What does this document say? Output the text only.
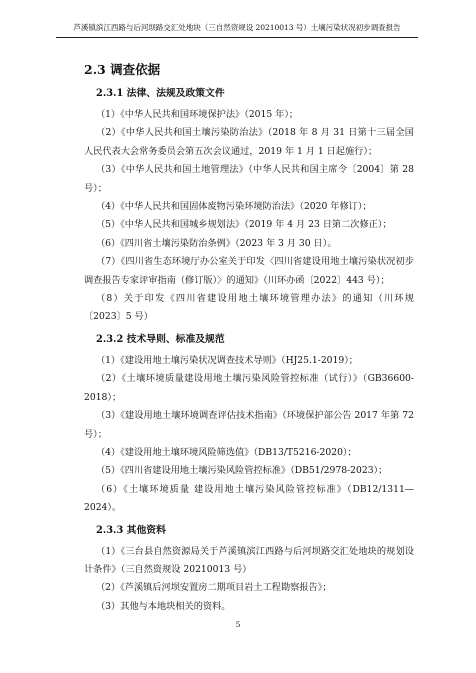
芦溪镇滨江西路与后河坝路交汇处地块（三自然资规设 20210013 号）土壤污染状况初步调查报告
2.3 调查依据
2.3.1 法律、法规及政策文件

（1）《中华人民共和国环境保护法》（2015 年）；

（2）《中华人民共和国土壤污染防治法》（2018 年 8 月 31 日第十三届全国人民代表大会常务委员会第五次会议通过，2019 年 1 月 1 日起施行）；

（3）《中华人民共和国土地管理法》（中华人民共和国主席令〔2004〕第 28 号）；

（4）《中华人民共和国固体废物污染环境防治法》（2020 年修订）；

（5）《中华人民共和国城乡规划法》（2019 年 4 月 23 日第二次修正）；

（6）《四川省土壤污染防治条例》（2023 年 3 月 30 日）。

（7）《四川省生态环境厅办公室关于印发〈四川省建设用地土壤污染状况初步调查报告专家评审指南（修订版）〉的通知》（川环办函〔2022〕443 号）；

（8）关于印发《四川省建设用地土壤环境管理办法》的通知（川环规〔2023〕5 号）

2.3.2 技术导则、标准及规范

（1）《建设用地土壤污染状况调查技术导则》（HJ25.1-2019）；

（2）《土壤环境质量建设用地土壤污染风险管控标准（试行）》（GB36600-2018）；

（3）《建设用地土壤环境调查评估技术指南》（环境保护部公告 2017 年第 72 号）；

（4）《建设用地土壤环境风险筛选值》（DB13/T5216-2020）；

（5）《四川省建设用地土壤污染风险管控标准》（DB51/2978-2023）；

（6）《土壤环境质量 建设用地土壤污染风险管控标准》（DB12/1311—2024）。

2.3.3 其他资料

（1）《三台县自然资源局关于芦溪镇滨江西路与后河坝路交汇处地块的规划设计条件》（三自然资规设 20210013 号）

（2）《芦溪镇后河坝安置房二期项目岩土工程勘察报告》；

（3）其他与本地块相关的资料。

5
